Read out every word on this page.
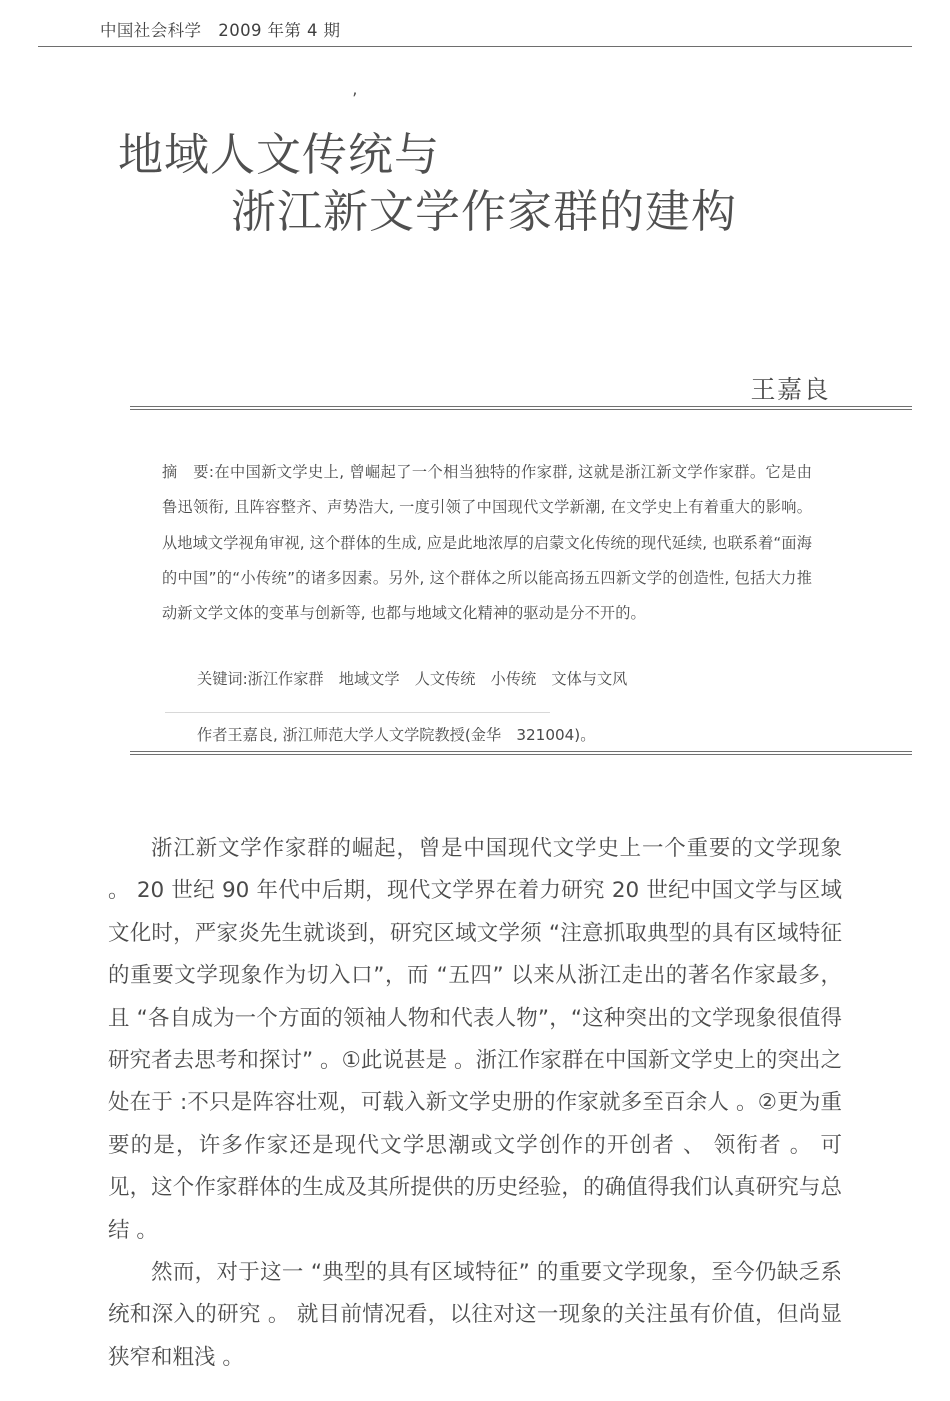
中国社会科学　2009 年第 4 期
’
地域人文传统与
浙江新文学作家群的建构
王嘉良
摘　要:在中国新文学史上, 曾崛起了一个相当独特的作家群, 这就是浙江新文学作家群。它是由鲁迅领衔, 且阵容整齐、声势浩大, 一度引领了中国现代文学新潮, 在文学史上有着重大的影响。从地域文学视角审视, 这个群体的生成, 应是此地浓厚的启蒙文化传统的现代延续, 也联系着“面海的中国”的“小传统”的诸多因素。另外, 这个群体之所以能高扬五四新文学的创造性, 包括大力推动新文学文体的变革与创新等, 也都与地域文化精神的驱动是分不开的。
关键词:浙江作家群　地域文学　人文传统　小传统　文体与文风
作者王嘉良, 浙江师范大学人文学院教授(金华　321004)。

浙江新文学作家群的崛起，曾是中国现代文学史上一个重要的文学现象 。 20 世纪 90 年代中后期，现代文学界在着力研究 20 世纪中国文学与区域文化时，严家炎先生就谈到，研究区域文学须 “注意抓取典型的具有区域特征的重要文学现象作为切入口”，而 “五四” 以来从浙江走出的著名作家最多，且 “各自成为一个方面的领袖人物和代表人物”，“这种突出的文学现象很值得研究者去思考和探讨” 。①此说甚是 。浙江作家群在中国新文学史上的突出之处在于 :不只是阵容壮观，可载入新文学史册的作家就多至百余人 。②更为重要的是，许多作家还是现代文学思潮或文学创作的开创者 、 领衔者 。 可见，这个作家群体的生成及其所提供的历史经验，的确值得我们认真研究与总结 。

然而，对于这一 “典型的具有区域特征” 的重要文学现象，至今仍缺乏系统和深入的研究 。 就目前情况看，以往对这一现象的关注虽有价值，但尚显狭窄和粗浅 。
